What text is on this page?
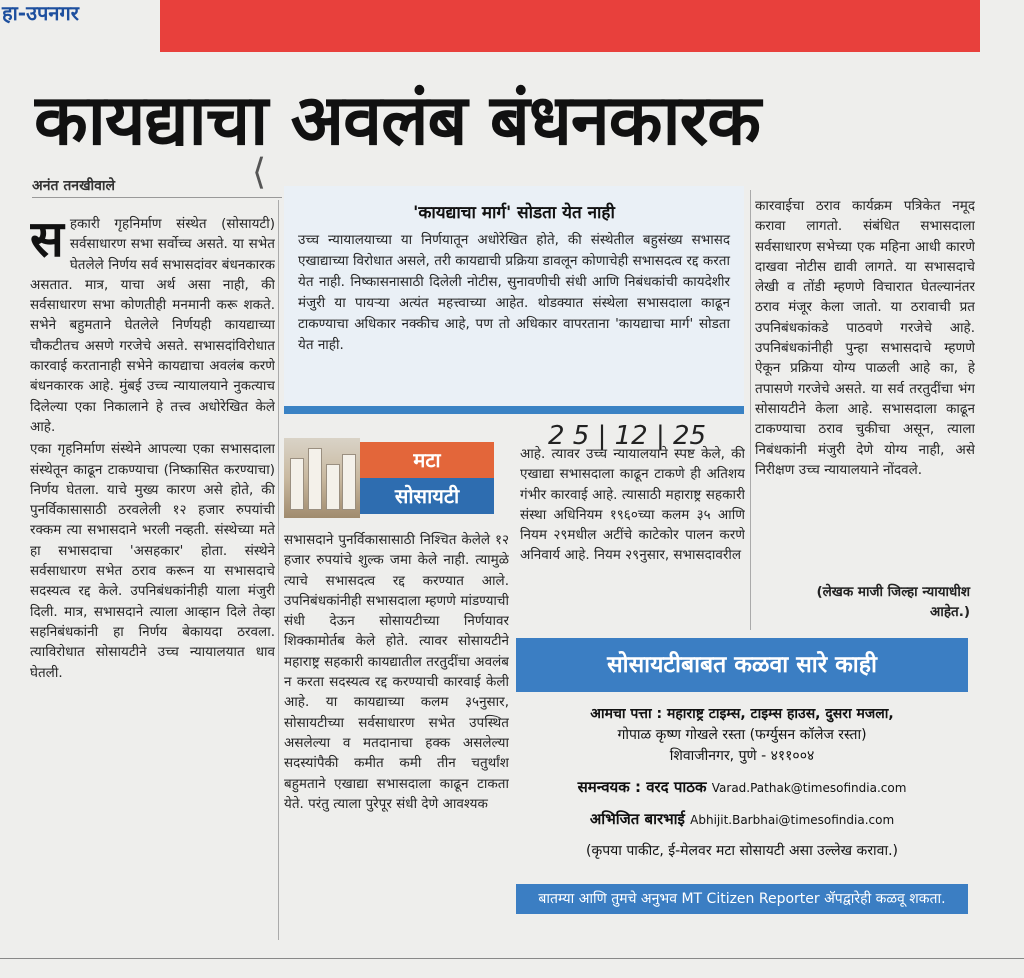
हा-उपनगर
कायद्याचा अवलंब बंधनकारक
⟨
अनंत तनखीवाले
स हकारी गृहनिर्माण संस्थेत (सोसायटी) सर्वसाधारण सभा सर्वोच्च असते. या सभेत घेतलेले निर्णय सर्व सभासदांवर बंधनकारक असतात. मात्र, याचा अर्थ असा नाही, की सर्वसाधारण सभा कोणतीही मनमानी करू शकते. सभेने बहुमताने घेतलेले निर्णयही कायद्याच्या चौकटीतच असणे गरजेचे असते. सभासदांविरोधात कारवाई करतानाही सभेने कायद्याचा अवलंब करणे बंधनकारक आहे. मुंबई उच्च न्यायालयाने नुकत्याच दिलेल्या एका निकालाने हे तत्त्व अधोरेखित केले आहे.

एका गृहनिर्माण संस्थेने आपल्या एका सभासदाला संस्थेतून काढून टाकण्याचा (निष्कासित करण्याचा) निर्णय घेतला. याचे मुख्य कारण असे होते, की पुनर्विकासासाठी ठरवलेली १२ हजार रुपयांची रक्कम त्या सभासदाने भरली नव्हती. संस्थेच्या मते हा सभासदाचा 'असहकार' होता. संस्थेने सर्वसाधारण सभेत ठराव करून या सभासदाचे सदस्यत्व रद्द केले. उपनिबंधकांनीही याला मंजुरी दिली. मात्र, सभासदाने त्याला आव्हान दिले तेव्हा सहनिबंधकांनी हा निर्णय बेकायदा ठरवला. त्याविरोधात सोसायटीने उच्च न्यायालयात धाव घेतली.

'कायद्याचा मार्ग' सोडता येत नाही
उच्च न्यायालयाच्या या निर्णयातून अधोरेखित होते, की संस्थेतील बहुसंख्य सभासद एखाद्याच्या विरोधात असले, तरी कायद्याची प्रक्रिया डावलून कोणाचेही सभासदत्व रद्द करता येत नाही. निष्कासनासाठी दिलेली नोटीस, सुनावणीची संधी आणि निबंधकांची कायदेशीर मंजुरी या पायऱ्या अत्यंत महत्त्वाच्या आहेत. थोडक्यात संस्थेला सभासदाला काढून टाकण्याचा अधिकार नक्कीच आहे, पण तो अधिकार वापरताना 'कायद्याचा मार्ग' सोडता येत नाही.
2 5 | 12 | 25
मटा
सोसायटी

सभासदाने पुनर्विकासासाठी निश्चित केलेले १२ हजार रुपयांचे शुल्क जमा केले नाही. त्यामुळे त्याचे सभासदत्व रद्द करण्यात आले. उपनिबंधकांनीही सभासदाला म्हणणे मांडण्याची संधी देऊन सोसायटीच्या निर्णयावर शिक्कामोर्तब केले होते. त्यावर सोसायटीने महाराष्ट्र सहकारी कायद्यातील तरतुदींचा अवलंब न करता सदस्यत्व रद्द करण्याची कारवाई केली आहे. या कायद्याच्या कलम ३५नुसार, सोसायटीच्या सर्वसाधारण सभेत उपस्थित असलेल्या व मतदानाचा हक्क असलेल्या सदस्यांपैकी कमीत कमी तीन चतुर्थांश बहुमताने एखाद्या सभासदाला काढून टाकता येते. परंतु त्याला पुरेपूर संधी देणे आवश्यक

आहे. त्यावर उच्च न्यायालयाने स्पष्ट केले, की एखाद्या सभासदाला काढून टाकणे ही अतिशय गंभीर कारवाई आहे. त्यासाठी महाराष्ट्र सहकारी संस्था अधिनियम १९६०च्या कलम ३५ आणि नियम २९मधील अटींचे काटेकोर पालन करणे अनिवार्य आहे. नियम २९नुसार, सभासदावरील

कारवाईचा ठराव कार्यक्रम पत्रिकेत नमूद करावा लागतो. संबंधित सभासदाला सर्वसाधारण सभेच्या एक महिना आधी कारणे दाखवा नोटीस द्यावी लागते. या सभासदाचे लेखी व तोंडी म्हणणे विचारात घेतल्यानंतर ठराव मंजूर केला जातो. या ठरावाची प्रत उपनिबंधकांकडे पाठवणे गरजेचे आहे. उपनिबंधकांनीही पुन्हा सभासदाचे म्हणणे ऐकून प्रक्रिया योग्य पाळली आहे का, हे तपासणे गरजेचे असते. या सर्व तरतुदींचा भंग सोसायटीने केला आहे. सभासदाला काढून टाकण्याचा ठराव चुकीचा असून, त्याला निबंधकांनी मंजुरी देणे योग्य नाही, असे निरीक्षण उच्च न्यायालयाने नोंदवले.

(लेखक माजी जिल्हा न्यायाधीश आहेत.)
सोसायटीबाबत कळवा सारे काही
आमचा पत्ता : महाराष्ट्र टाइम्स, टाइम्स हाउस, दुसरा मजला,
गोपाळ कृष्ण गोखले रस्ता (फर्ग्युसन कॉलेज रस्ता)
शिवाजीनगर, पुणे - ४११००४
समन्वयक : वरद पाठक Varad.Pathak@timesofindia.com
अभिजित बारभाई Abhijit.Barbhai@timesofindia.com
(कृपया पाकीट, ई-मेलवर मटा सोसायटी असा उल्लेख करावा.)
बातम्या आणि तुमचे अनुभव MT Citizen Reporter ॲपद्वारेही कळवू शकता.
